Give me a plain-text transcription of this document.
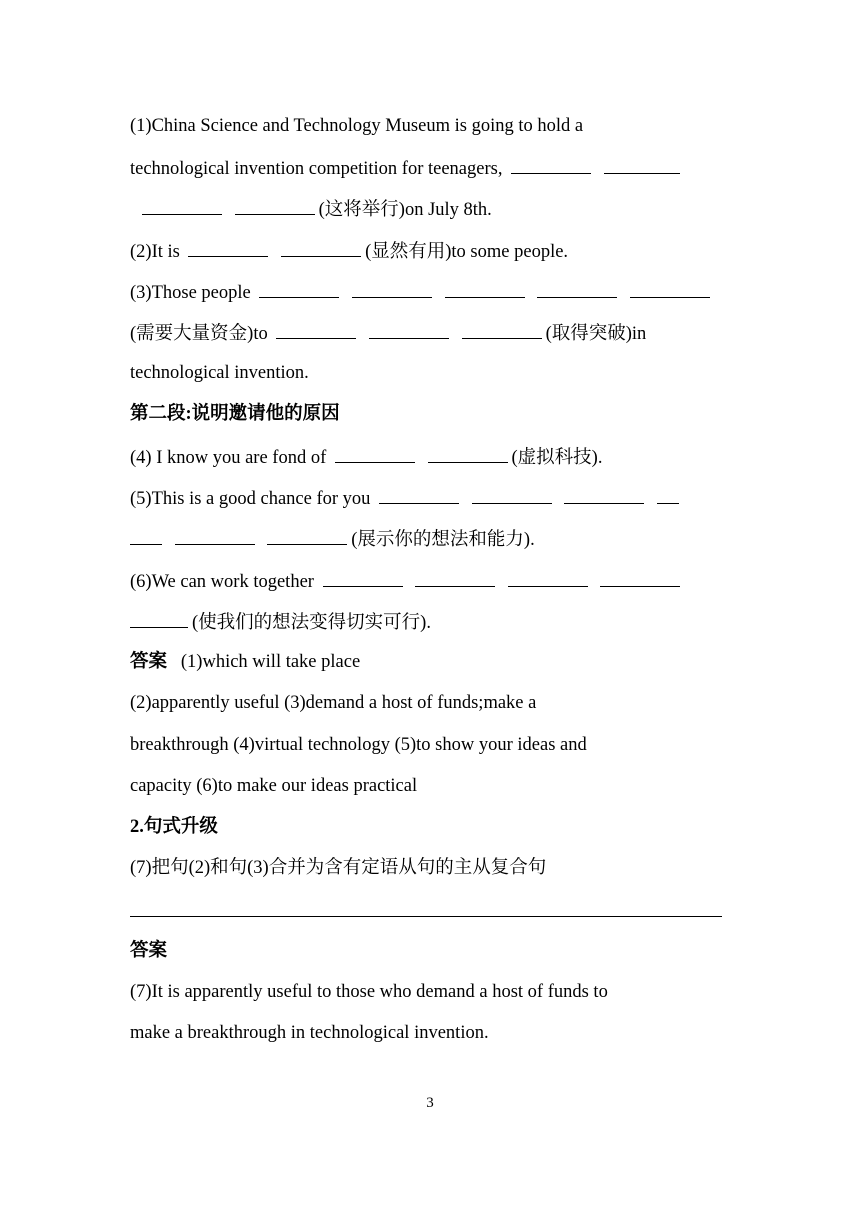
(1)China Science and Technology Museum is going to hold a
technological invention competition for teenagers,
(这将举行)on July 8th.
(2)It is	(显然有用)to some people.
(3)Those people
(需要大量资金)to	(取得突破)in
technological invention.
第二段:说明邀请他的原因
(4) I know you are fond of	(虚拟科技).
(5)This is a good chance for you
(展示你的想法和能力).
(6)We can work together
(使我们的想法变得切实可行).
答案 (1)which will take place
(2)apparently useful (3)demand a host of funds;make a
breakthrough (4)virtual technology (5)to show your ideas and
capacity (6)to make our ideas practical
2.句式升级
(7)把句(2)和句(3)合并为含有定语从句的主从复合句
答案
(7)It is apparently useful to those who demand a host of funds to
make a breakthrough in technological invention.
3
